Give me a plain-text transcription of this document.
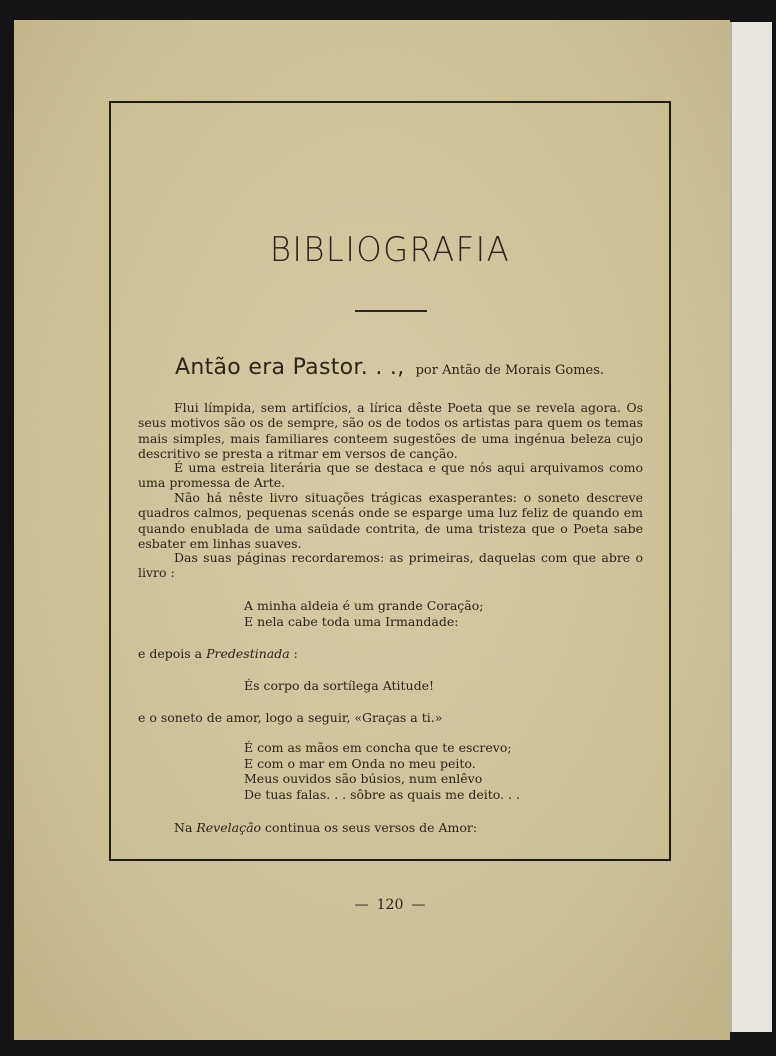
BIBLIOGRAFIA
Antão era Pastor. . ., por Antão de Morais Gomes.

Flui límpida, sem artifícios, a lírica dêste Poeta que se revela agora. Os seus motivos são os de sempre, são os de todos os artistas para quem os temas mais simples, mais familiares conteem sugestões de uma ingénua beleza cujo descritivo se presta a ritmar em versos de canção.

É uma estreia literária que se destaca e que nós aqui arquivamos como uma promessa de Arte.

Não há nêste livro situações trágicas exasperantes: o soneto descreve quadros calmos, pequenas scenás onde se esparge uma luz feliz de quando em quando enublada de uma saüdade contrita, de uma tristeza que o Poeta sabe esbater em linhas suaves.

Das suas páginas recordaremos: as primeiras, daquelas com que abre o livro :

A minha aldeia é um grande Coração;
E nela cabe toda uma Irmandade:
e depois a Predestinada :
És corpo da sortílega Atitude!
e o soneto de amor, logo a seguir, «Graças a ti.»
É com as mãos em concha que te escrevo;
E com o mar em Onda no meu peito.
Meus ouvidos são búsios, num enlêvo
De tuas falas. . . sôbre as quais me deito. . .
Na Revelação continua os seus versos de Amor:
— 120 —
